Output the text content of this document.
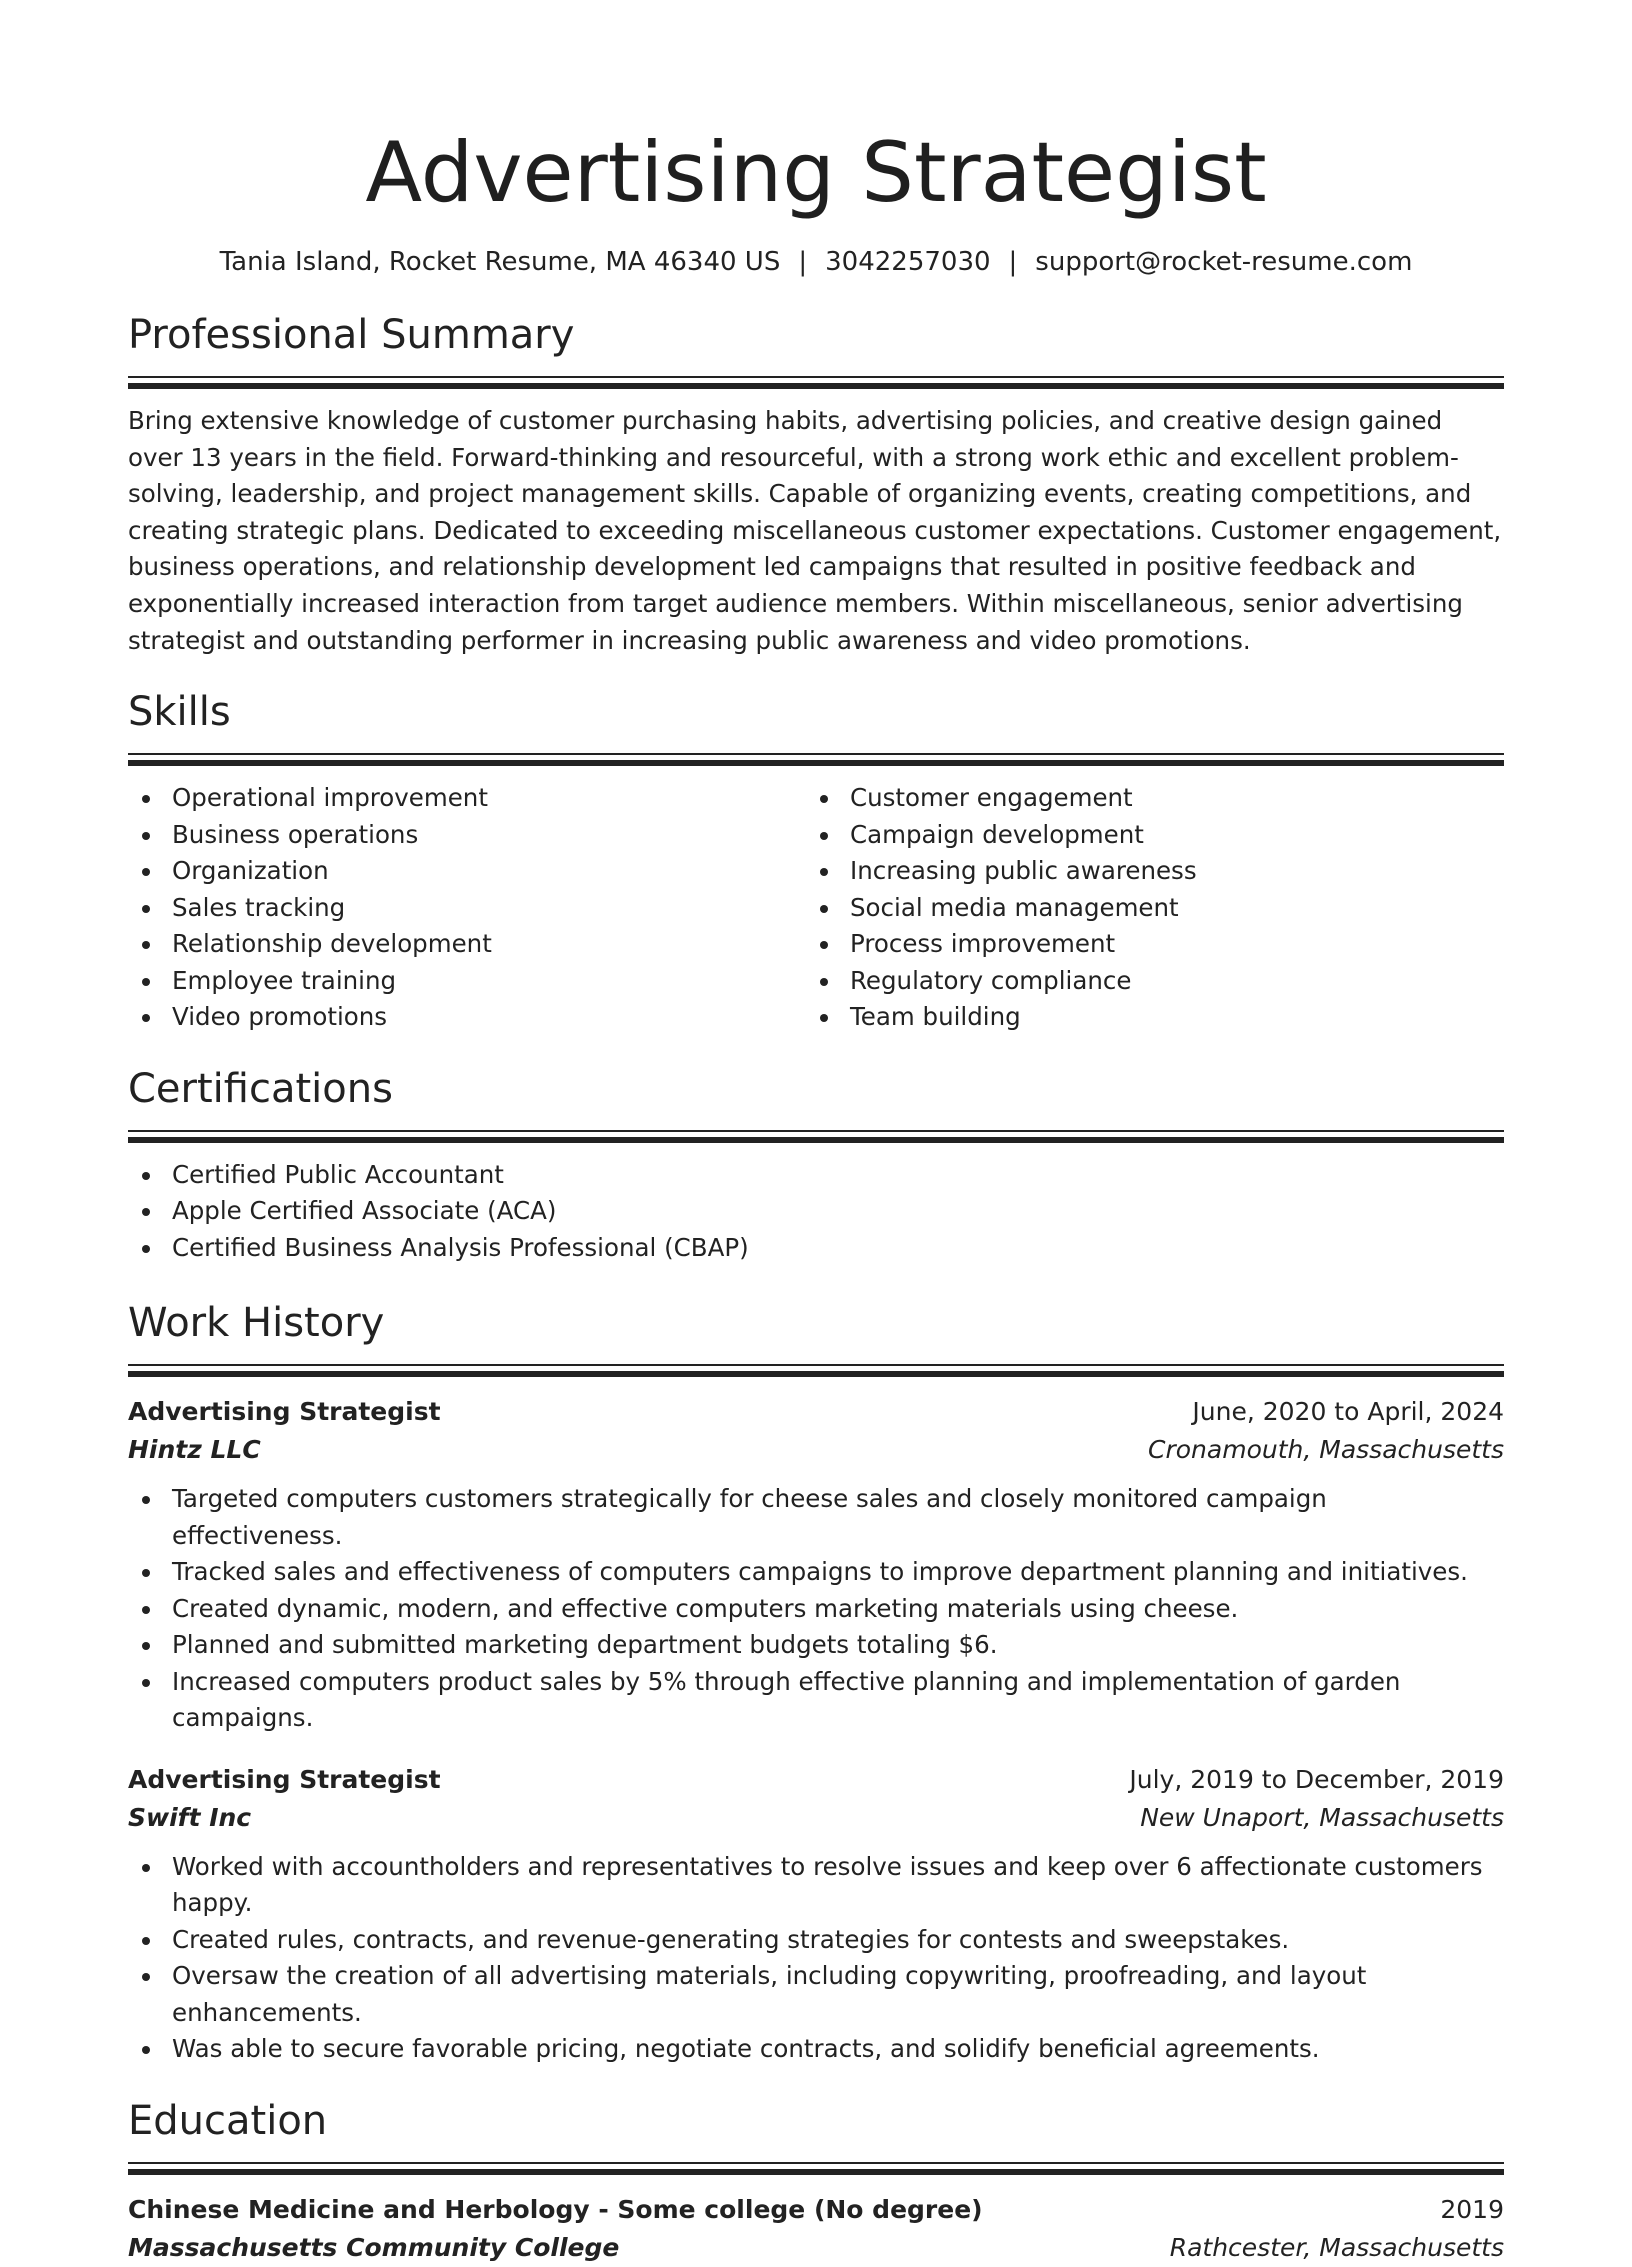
Advertising Strategist
Tania Island, Rocket Resume, MA 46340 US | 3042257030 | support@rocket-resume.com
Professional Summary
Bring extensive knowledge of customer purchasing habits, advertising policies, and creative design gained over 13 years in the field. Forward-thinking and resourceful, with a strong work ethic and excellent problem-solving, leadership, and project management skills. Capable of organizing events, creating competitions, and creating strategic plans. Dedicated to exceeding miscellaneous customer expectations. Customer engagement, business operations, and relationship development led campaigns that resulted in positive feedback and exponentially increased interaction from target audience members. Within miscellaneous, senior advertising strategist and outstanding performer in increasing public awareness and video promotions.
Skills
Operational improvement
Business operations
Organization
Sales tracking
Relationship development
Employee training
Video promotions
Customer engagement
Campaign development
Increasing public awareness
Social media management
Process improvement
Regulatory compliance
Team building
Certifications
Certified Public Accountant
Apple Certified Associate (ACA)
Certified Business Analysis Professional (CBAP)
Work History
Advertising Strategist	June, 2020 to April, 2024
Hintz LLC	Cronamouth, Massachusetts
Targeted computers customers strategically for cheese sales and closely monitored campaign effectiveness.
Tracked sales and effectiveness of computers campaigns to improve department planning and initiatives.
Created dynamic, modern, and effective computers marketing materials using cheese.
Planned and submitted marketing department budgets totaling $6.
Increased computers product sales by 5% through effective planning and implementation of garden campaigns.
Advertising Strategist	July, 2019 to December, 2019
Swift Inc	New Unaport, Massachusetts
Worked with accountholders and representatives to resolve issues and keep over 6 affectionate customers happy.
Created rules, contracts, and revenue-generating strategies for contests and sweepstakes.
Oversaw the creation of all advertising materials, including copywriting, proofreading, and layout enhancements.
Was able to secure favorable pricing, negotiate contracts, and solidify beneficial agreements.
Education
Chinese Medicine and Herbology - Some college (No degree)	2019
Massachusetts Community College	Rathcester, Massachusetts
